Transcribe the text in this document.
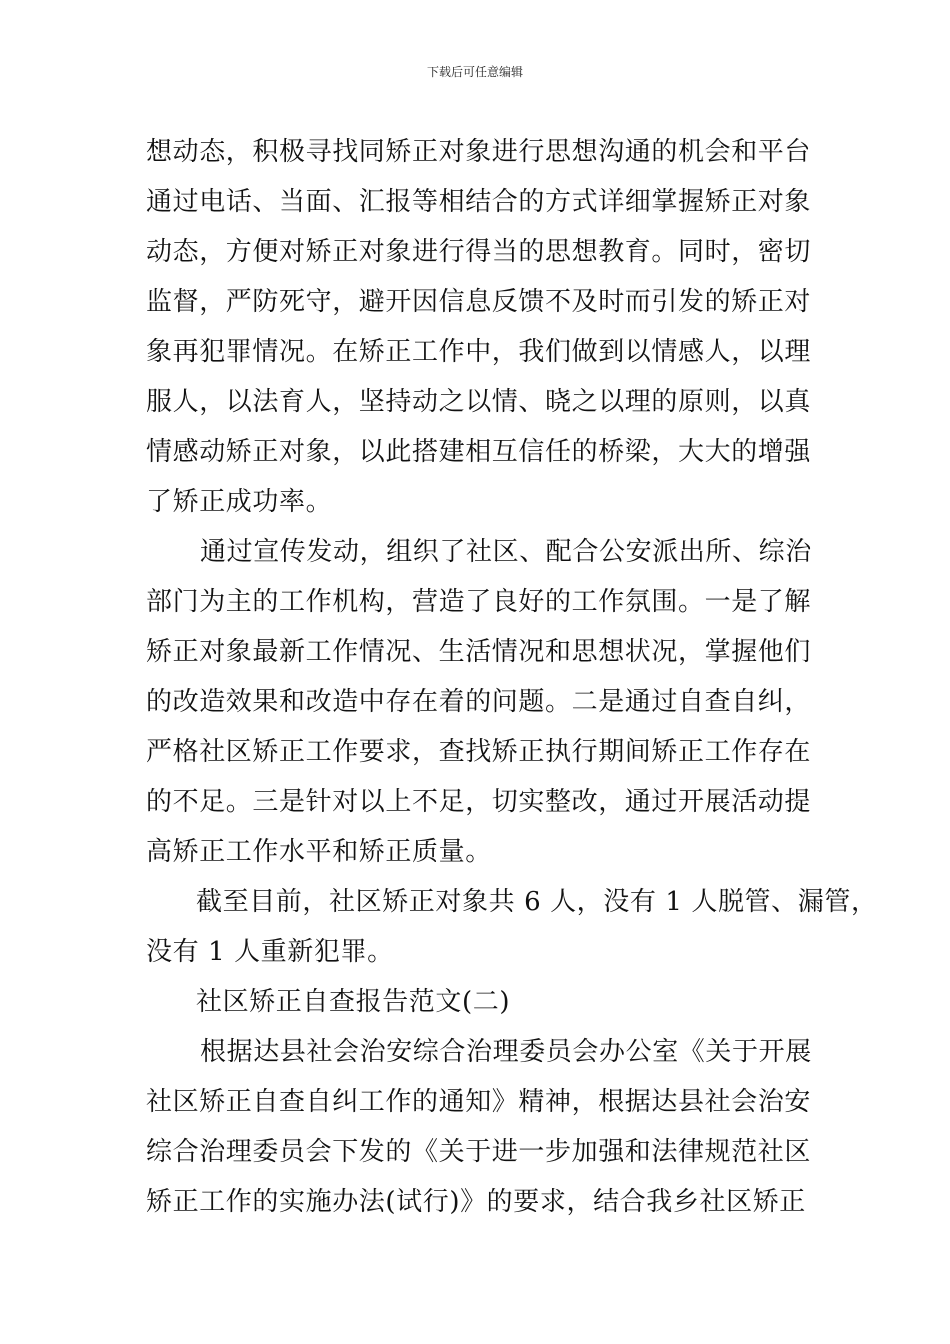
下载后可任意编辑
想动态，积极寻找同矫正对象进行思想沟通的机会和平台
通过电话、当面、汇报等相结合的方式详细掌握矫正对象
动态，方便对矫正对象进行得当的思想教育。同时，密切
监督，严防死守，避开因信息反馈不及时而引发的矫正对
象再犯罪情况。在矫正工作中，我们做到以情感人，以理
服人，以法育人，坚持动之以情、晓之以理的原则，以真
情感动矫正对象，以此搭建相互信任的桥梁，大大的增强
了矫正成功率。
通过宣传发动，组织了社区、配合公安派出所、综治
部门为主的工作机构，营造了良好的工作氛围。一是了解
矫正对象最新工作情况、生活情况和思想状况，掌握他们
的改造效果和改造中存在着的问题。二是通过自查自纠，
严格社区矫正工作要求，查找矫正执行期间矫正工作存在
的不足。三是针对以上不足，切实整改，通过开展活动提
高矫正工作水平和矫正质量。
截至目前，社区矫正对象共 6 人，没有 1 人脱管、漏管，
没有 1 人重新犯罪。
社区矫正自查报告范文(二)
根据达县社会治安综合治理委员会办公室《关于开展
社区矫正自查自纠工作的通知》精神，根据达县社会治安
综合治理委员会下发的《关于进一步加强和法律规范社区
矫正工作的实施办法(试行)》的要求，结合我乡社区矫正
